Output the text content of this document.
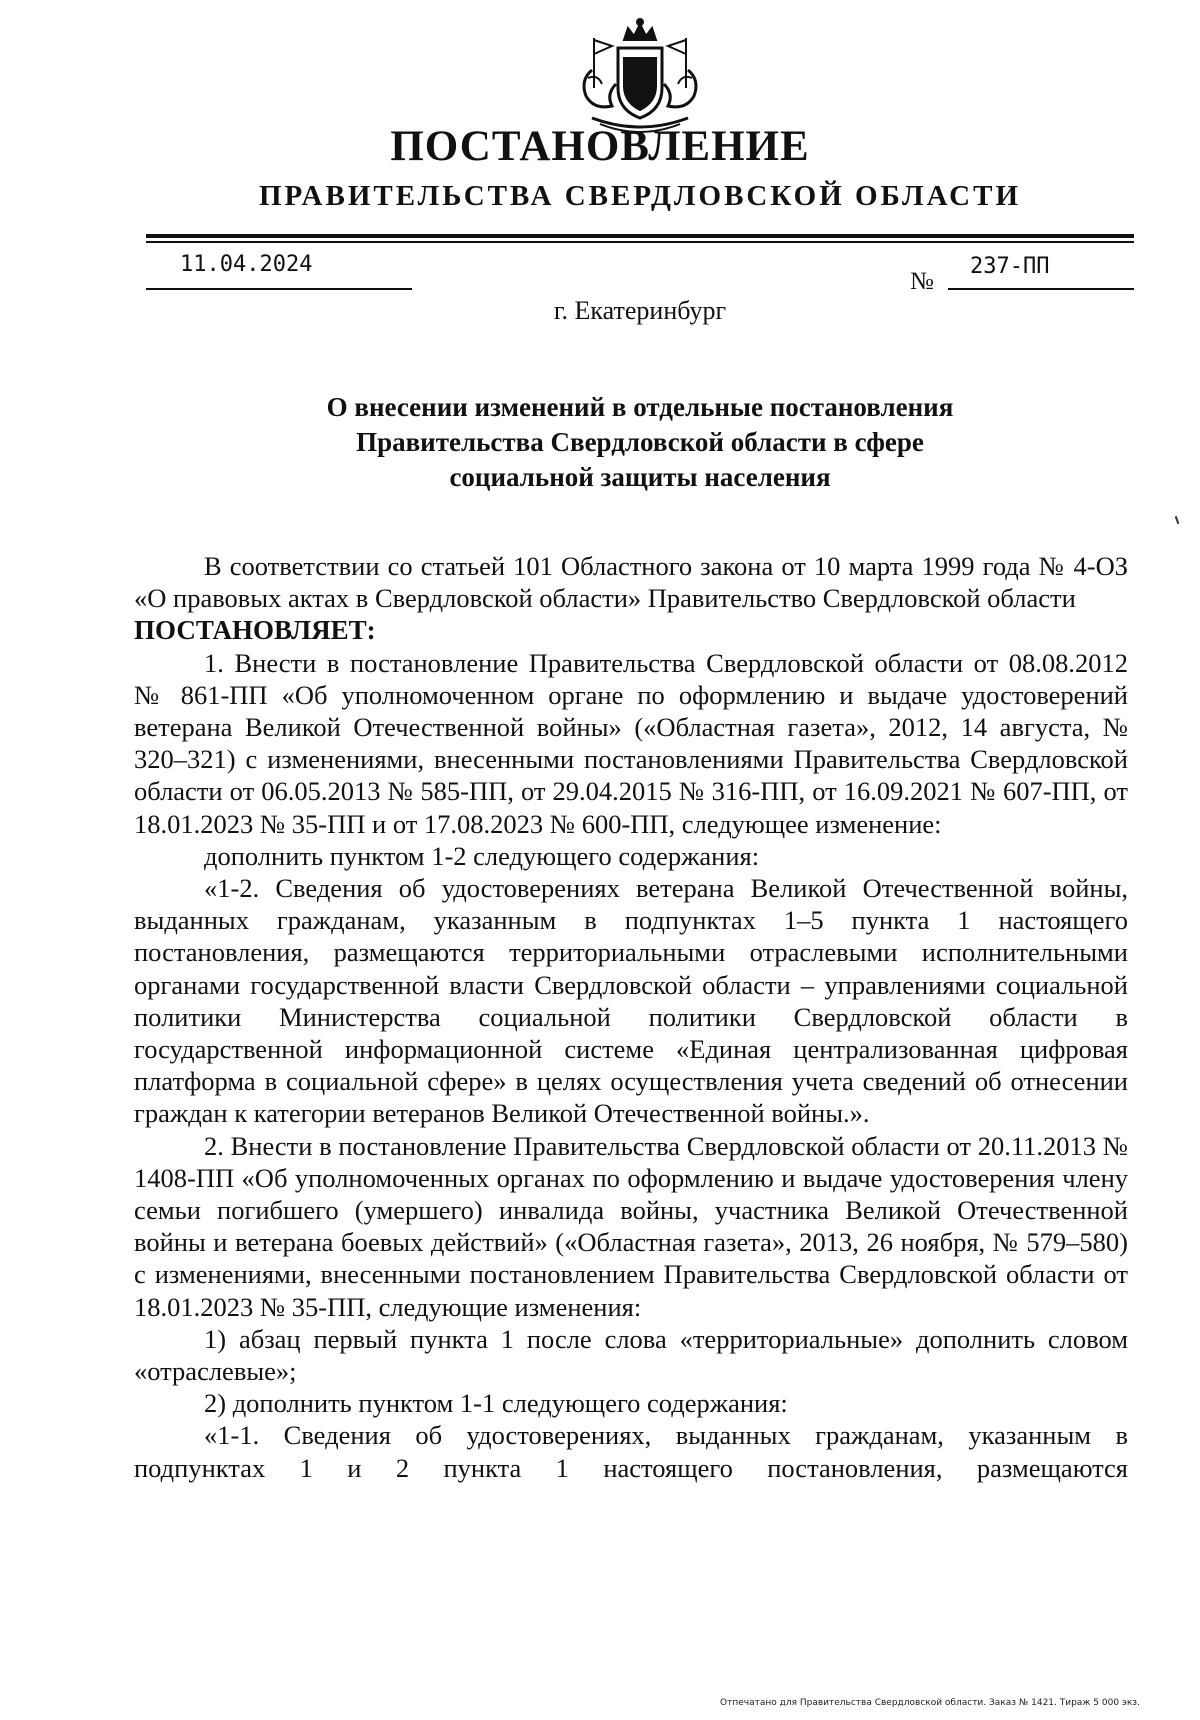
ПОСТАНОВЛЕНИЕ
ПРАВИТЕЛЬСТВА СВЕРДЛОВСКОЙ ОБЛАСТИ
11.04.2024
№
237-ПП
г. Екатеринбург
О внесении изменений в отдельные постановления
Правительства Свердловской области в сфере
социальной защиты населения

В соответствии со статьей 101 Областного закона от 10 марта 1999 года № 4-ОЗ «О правовых актах в Свердловской области» Правительство Свердловской области

ПОСТАНОВЛЯЕТ:

1. Внести в постановление Правительства Свердловской области от 08.08.2012 № 861-ПП «Об уполномоченном органе по оформлению и выдаче удостоверений ветерана Великой Отечественной войны» («Областная газета», 2012, 14 августа, № 320–321) с изменениями, внесенными постановлениями Правительства Свердловской области от 06.05.2013 № 585-ПП, от 29.04.2015 № 316-ПП, от 16.09.2021 № 607-ПП, от 18.01.2023 № 35-ПП и от 17.08.2023 № 600-ПП, следующее изменение:

дополнить пунктом 1-2 следующего содержания:

«1-2. Сведения об удостоверениях ветерана Великой Отечественной войны, выданных гражданам, указанным в подпунктах 1–5 пункта 1 настоящего постановления, размещаются территориальными отраслевыми исполнительными органами государственной власти Свердловской области – управлениями социальной политики Министерства социальной политики Свердловской области в государственной информационной системе «Единая централизованная цифровая платформа в социальной сфере» в целях осуществления учета сведений об отнесении граждан к категории ветеранов Великой Отечественной войны.».

2. Внести в постановление Правительства Свердловской области от 20.11.2013 № 1408-ПП «Об уполномоченных органах по оформлению и выдаче удостоверения члену семьи погибшего (умершего) инвалида войны, участника Великой Отечественной войны и ветерана боевых действий» («Областная газета», 2013, 26 ноября, № 579–580) с изменениями, внесенными постановлением Правительства Свердловской области от 18.01.2023 № 35-ПП, следующие изменения:

1) абзац первый пункта 1 после слова «территориальные» дополнить словом «отраслевые»;

2) дополнить пунктом 1-1 следующего содержания:

«1-1. Сведения об удостоверениях, выданных гражданам, указанным в подпунктах 1 и 2 пункта 1 настоящего постановления, размещаются

Отпечатано для Правительства Свердловской области. Заказ № 1421. Тираж 5 000 экз.
